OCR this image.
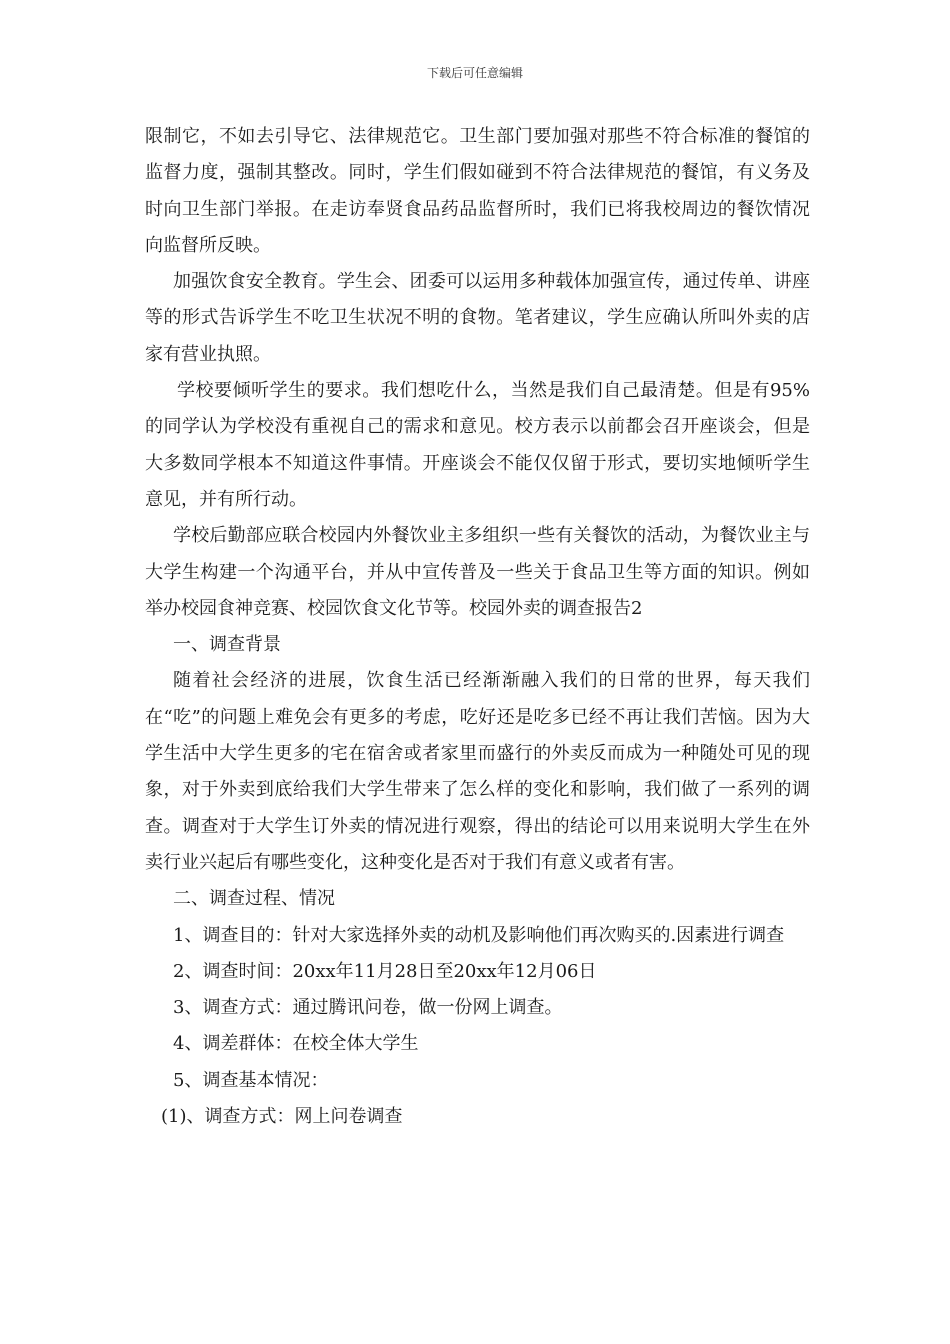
下载后可任意编辑

限制它，不如去引导它、法律规范它。卫生部门要加强对那些不符合标准的餐馆的监督力度，强制其整改。同时，学生们假如碰到不符合法律规范的餐馆，有义务及时向卫生部门举报。在走访奉贤食品药品监督所时，我们已将我校周边的餐饮情况向监督所反映。

加强饮食安全教育。学生会、团委可以运用多种载体加强宣传，通过传单、讲座等的形式告诉学生不吃卫生状况不明的食物。笔者建议，学生应确认所叫外卖的店家有营业执照。

学校要倾听学生的要求。我们想吃什么，当然是我们自己最清楚。但是有95%的同学认为学校没有重视自己的需求和意见。校方表示以前都会召开座谈会，但是大多数同学根本不知道这件事情。开座谈会不能仅仅留于形式，要切实地倾听学生意见，并有所行动。

学校后勤部应联合校园内外餐饮业主多组织一些有关餐饮的活动，为餐饮业主与大学生构建一个沟通平台，并从中宣传普及一些关于食品卫生等方面的知识。例如举办校园食神竞赛、校园饮食文化节等。校园外卖的调查报告2

一、调查背景

随着社会经济的进展，饮食生活已经渐渐融入我们的日常的世界，每天我们在“吃”的问题上难免会有更多的考虑，吃好还是吃多已经不再让我们苦恼。因为大学生活中大学生更多的宅在宿舍或者家里而盛行的外卖反而成为一种随处可见的现象，对于外卖到底给我们大学生带来了怎么样的变化和影响，我们做了一系列的调查。调查对于大学生订外卖的情况进行观察，得出的结论可以用来说明大学生在外卖行业兴起后有哪些变化，这种变化是否对于我们有意义或者有害。

二、调查过程、情况

1、调查目的：针对大家选择外卖的动机及影响他们再次购买的.因素进行调查

2、调查时间：20xx年11月28日至20xx年12月06日

3、调查方式：通过腾讯问卷，做一份网上调查。

4、调差群体：在校全体大学生

5、调查基本情况：

(1)、调查方式：网上问卷调查
